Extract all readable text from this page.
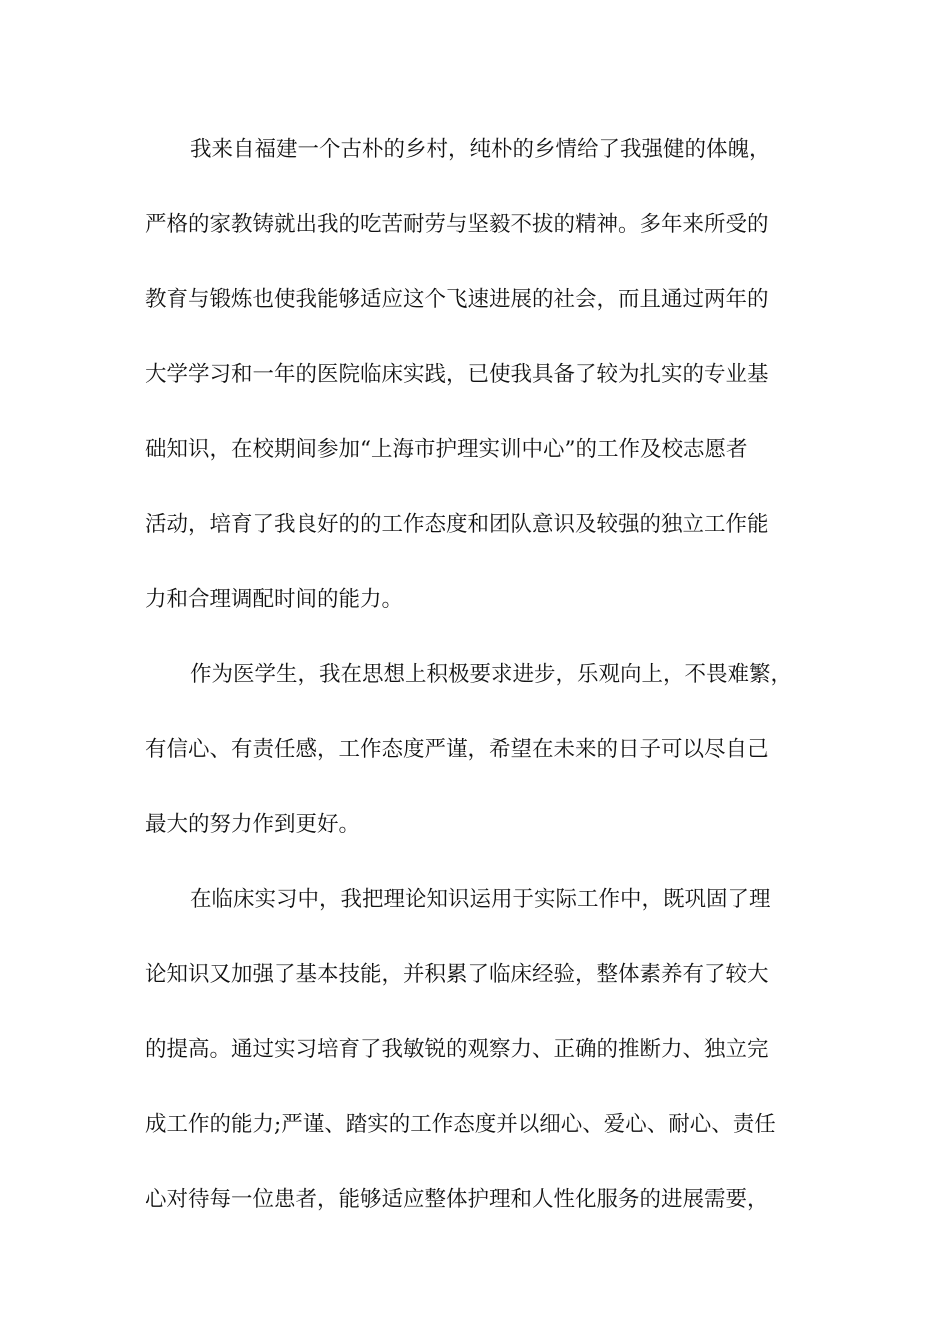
我来自福建一个古朴的乡村，纯朴的乡情给了我强健的体魄，
严格的家教铸就出我的吃苦耐劳与坚毅不拔的精神。多年来所受的
教育与锻炼也使我能够适应这个飞速进展的社会，而且通过两年的
大学学习和一年的医院临床实践，已使我具备了较为扎实的专业基
础知识，在校期间参加“上海市护理实训中心”的工作及校志愿者
活动，培育了我良好的的工作态度和团队意识及较强的独立工作能
力和合理调配时间的能力。
作为医学生，我在思想上积极要求进步，乐观向上，不畏难繁，
有信心、有责任感，工作态度严谨，希望在未来的日子可以尽自己
最大的努力作到更好。
在临床实习中，我把理论知识运用于实际工作中，既巩固了理
论知识又加强了基本技能，并积累了临床经验，整体素养有了较大
的提高。通过实习培育了我敏锐的观察力、正确的推断力、独立完
成工作的能力;严谨、踏实的工作态度并以细心、爱心、耐心、责任
心对待每一位患者，能够适应整体护理和人性化服务的进展需要，
